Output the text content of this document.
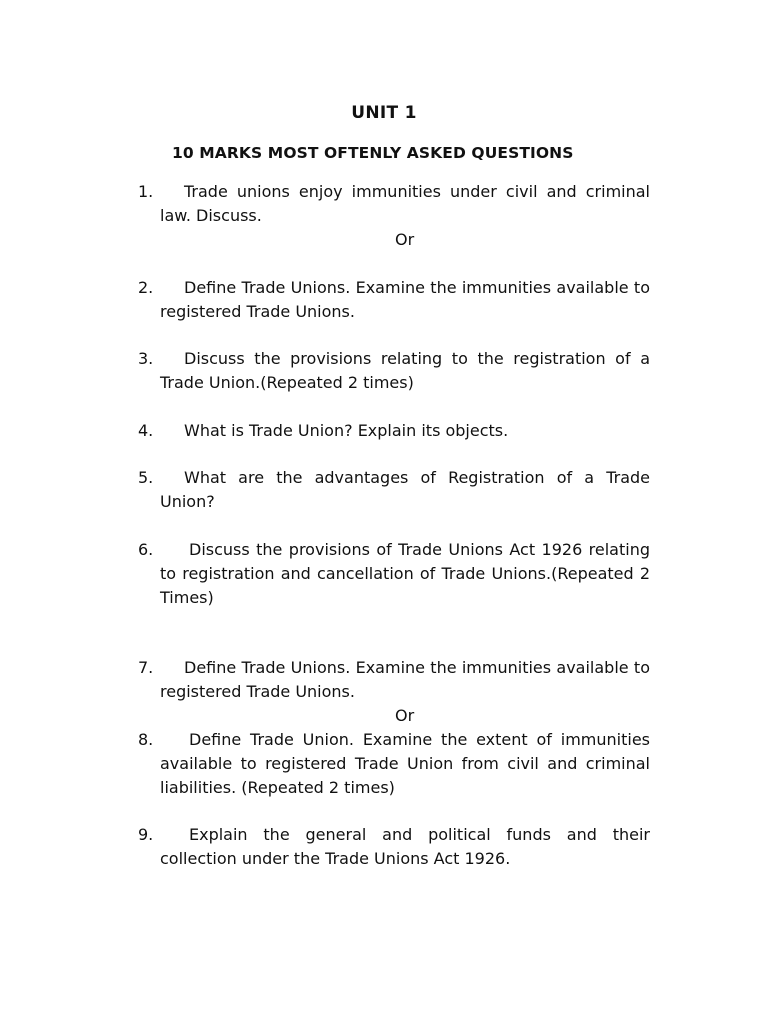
UNIT 1
10 MARKS MOST OFTENLY ASKED QUESTIONS
1.	Trade unions enjoy immunities under civil and criminal law. Discuss.
Or
2.	Define Trade Unions. Examine the immunities available to registered Trade Unions.
3.	Discuss the provisions relating to the registration of a Trade Union.(Repeated 2 times)
4.	What is Trade Union? Explain its objects.
5.	What are the advantages of Registration of a Trade Union?
6.	Discuss the provisions of Trade Unions Act 1926 relating to registration and cancellation of Trade Unions.(Repeated 2 Times)
7.	Define Trade Unions. Examine the immunities available to registered Trade Unions.
Or
8.	Define Trade Union. Examine the extent of immunities available to registered Trade Union from civil and criminal liabilities. (Repeated 2 times)
9.	Explain the general and political funds and their collection under the Trade Unions Act 1926.
